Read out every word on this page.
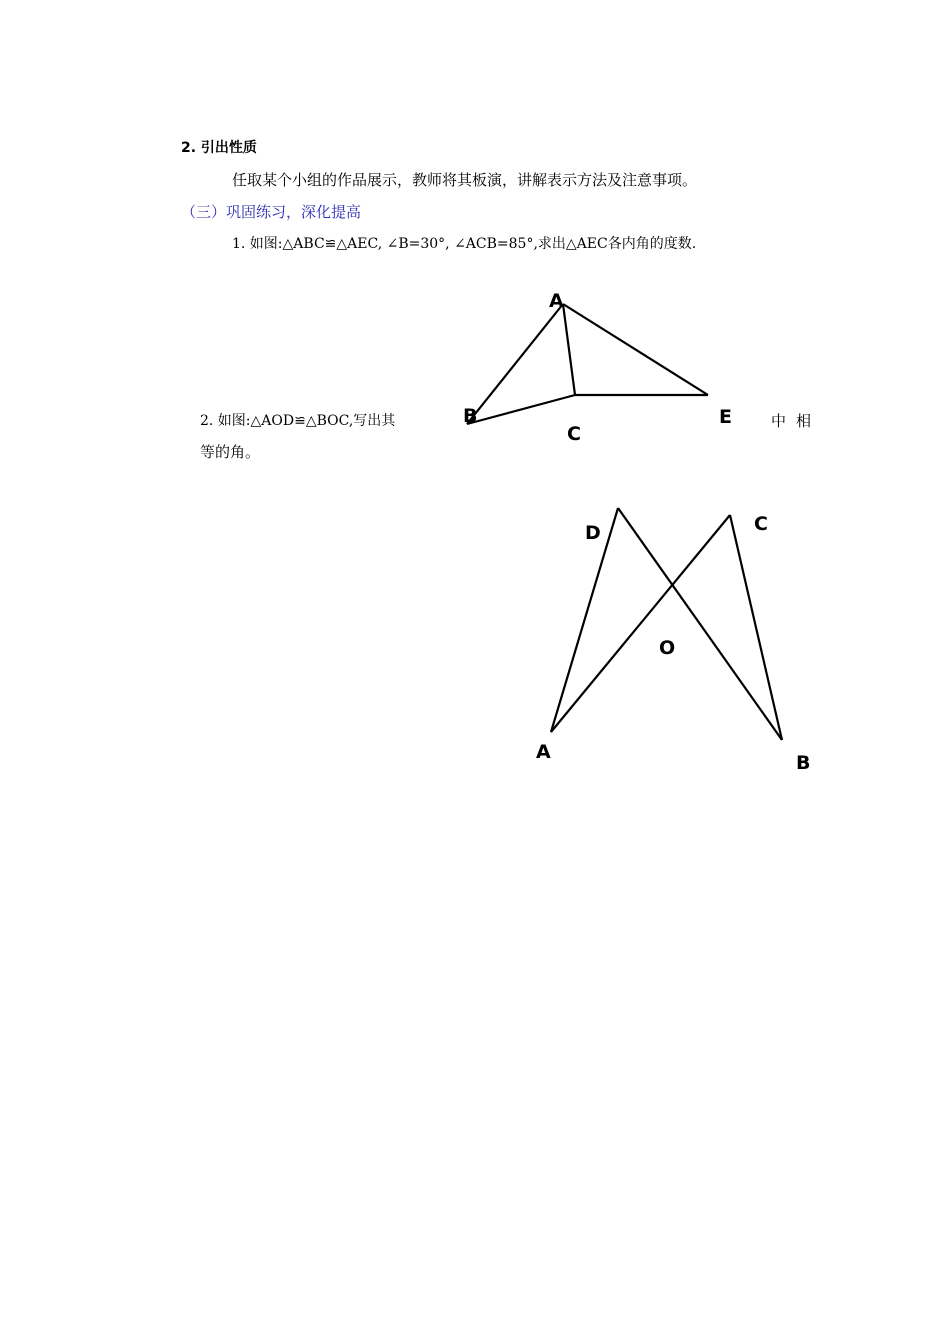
2. 引出性质
任取某个小组的作品展示，教师将其板演，讲解表示方法及注意事项。
（三）巩固练习，深化提高
1. 如图:△ABC≌△AEC, ∠B=30°, ∠ACB=85°,求出△AEC各内角的度数.
2. 如图:△AOD≌△BOC,写出其	中相
等的角。
A
B
C
E
D	C
O
A	B
